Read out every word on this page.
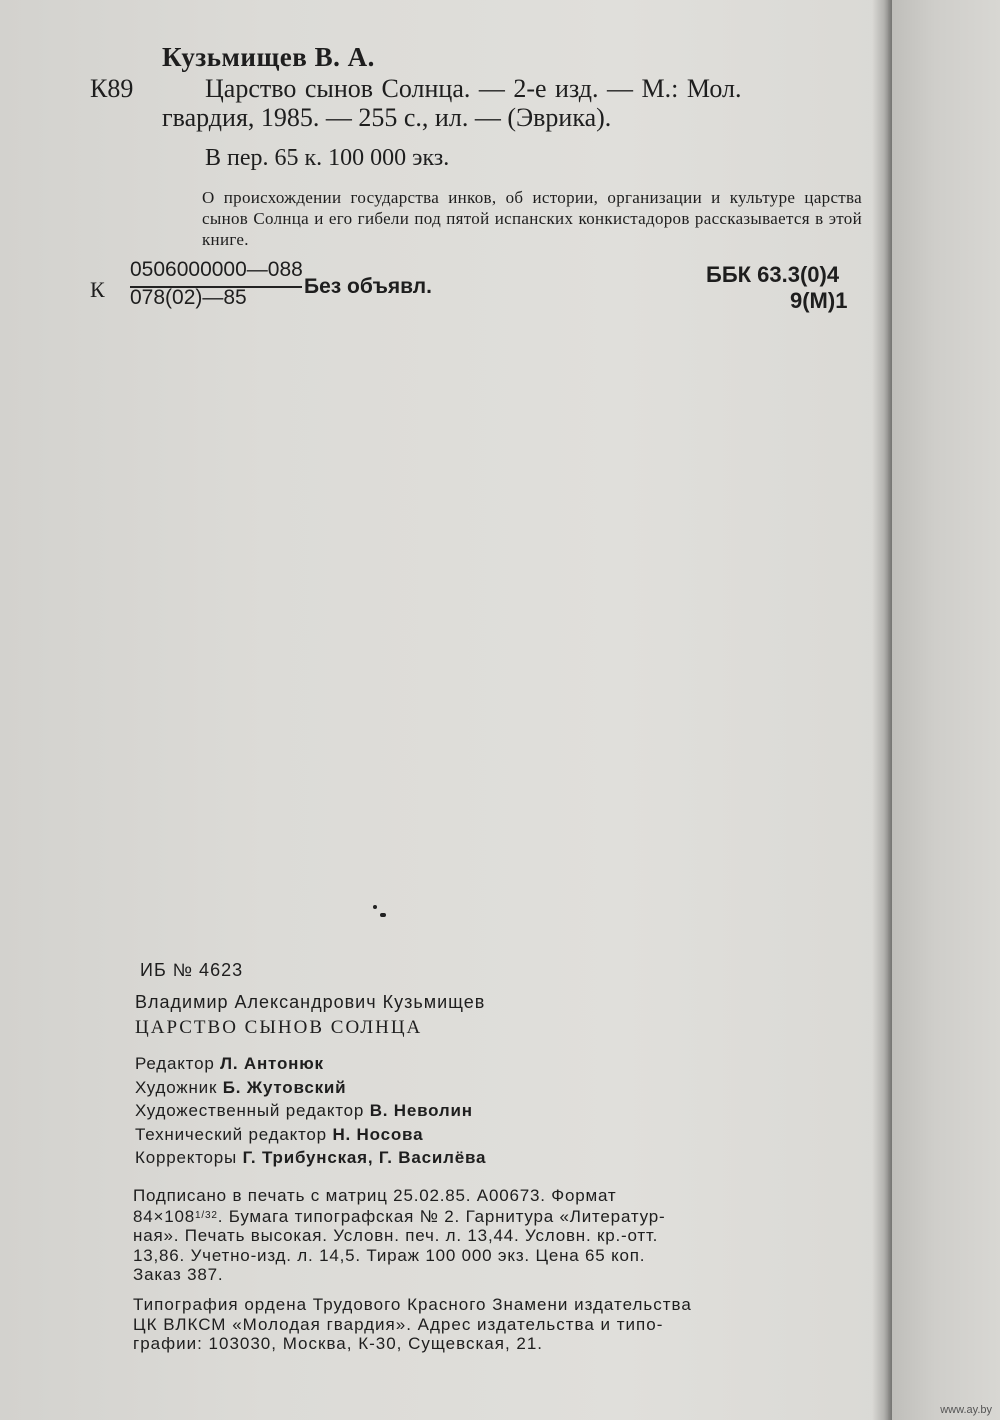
Кузьмищев В. А.
К89	Царство сынов Солнца. — 2-е изд. — М.: Мол.
гвардия, 1985. — 255 с., ил. — (Эврика).
В пер. 65 к. 100 000 экз.
О происхождении государства инков, об истории, организации и культуре царства сынов Солнца и его гибели под пятой испанских конкистадоров рассказывается в этой книге.
К
0506000000—088
078(02)—85	Без объявл.	ББК 63.3(0)4
9(М)1
ИБ № 4623
Владимир Александрович Кузьмищев
ЦАРСТВО СЫНОВ СОЛНЦА
Редактор Л. Антонюк
Художник Б. Жутовский
Художественный редактор В. Неволин
Технический редактор Н. Носова
Корректоры Г. Трибунская, Г. Василёва
Подписано в печать с матриц 25.02.85. А00673. Формат
$84\times 108^{1/32}$. Бумага типографская № 2. Гарнитура «Литератур-
ная». Печать высокая. Условн. печ. л. 13,44. Условн. кр.-отт.
13,86. Учетно-изд. л. 14,5. Тираж 100 000 экз. Цена 65 коп.
Заказ 387.
Типография ордена Трудового Красного Знамени издательства
ЦК ВЛКСМ «Молодая гвардия». Адрес издательства и типо-
графии: 103030, Москва, К-30, Сущевская, 21.
www.ay.by
